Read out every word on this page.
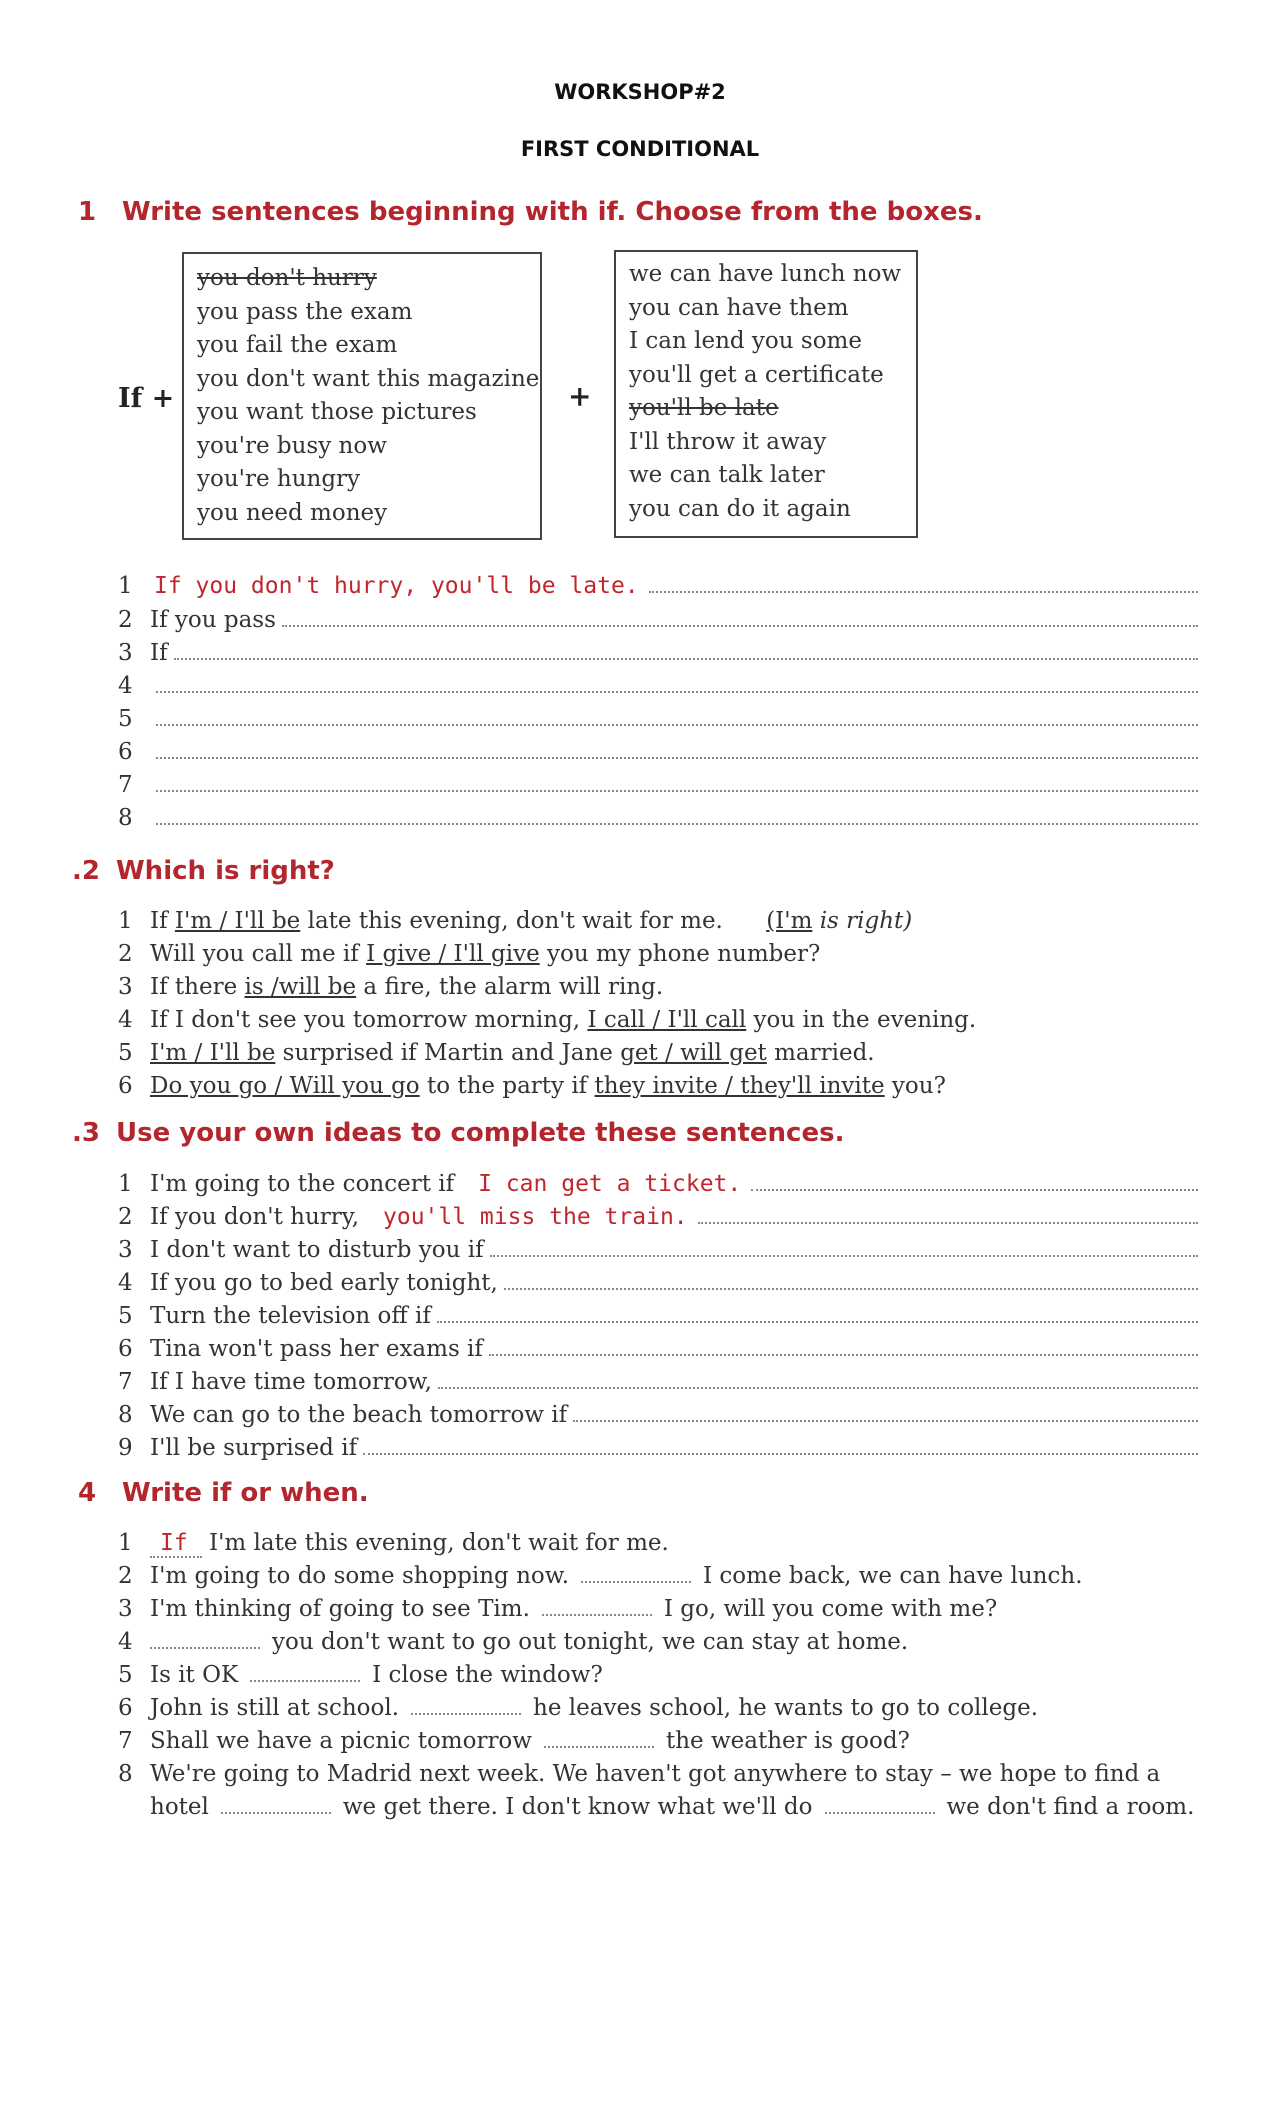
WORKSHOP#2
FIRST CONDITIONAL
1 Write sentences beginning with if. Choose from the boxes.
If +
you don't hurry
you pass the exam
you fail the exam
you don't want this magazine
you want those pictures
you're busy now
you're hungry
you need money
+
we can have lunch now
you can have them
I can lend you some
you'll get a certificate
you'll be late
I'll throw it away
we can talk later
you can do it again
1 If you don't hurry, you'll be late.
2 If you pass
3 If
4
5
6
7
8
.2 Which is right?
1 If I'm / I'll be late this evening, don't wait for me. (I'm is right)
2 Will you call me if I give / I'll give you my phone number?
3 If there is /will be a fire, the alarm will ring.
4 If I don't see you tomorrow morning, I call / I'll call you in the evening.
5 I'm / I'll be surprised if Martin and Jane get / will get married.
6 Do you go / Will you go to the party if they invite / they'll invite you?
.3 Use your own ideas to complete these sentences.
1 I'm going to the concert if I can get a ticket.
2 If you don't hurry, you'll miss the train.
3 I don't want to disturb you if
4 If you go to bed early tonight,
5 Turn the television off if
6 Tina won't pass her exams if
7 If I have time tomorrow,
8 We can go to the beach tomorrow if
9 I'll be surprised if
4 Write if or when.
1	If I'm late this evening, don't wait for me.
2 I'm going to do some shopping now.	I come back, we can have lunch.
3 I'm thinking of going to see Tim.	I go, will you come with me?
4	you don't want to go out tonight, we can stay at home.
5 Is it OK	I close the window?
6 John is still at school.	he leaves school, he wants to go to college.
7 Shall we have a picnic tomorrow	the weather is good?
8 We're going to Madrid next week. We haven't got anywhere to stay – we hope to find a
hotel	we get there. I don't know what we'll do	we don't find a room.
